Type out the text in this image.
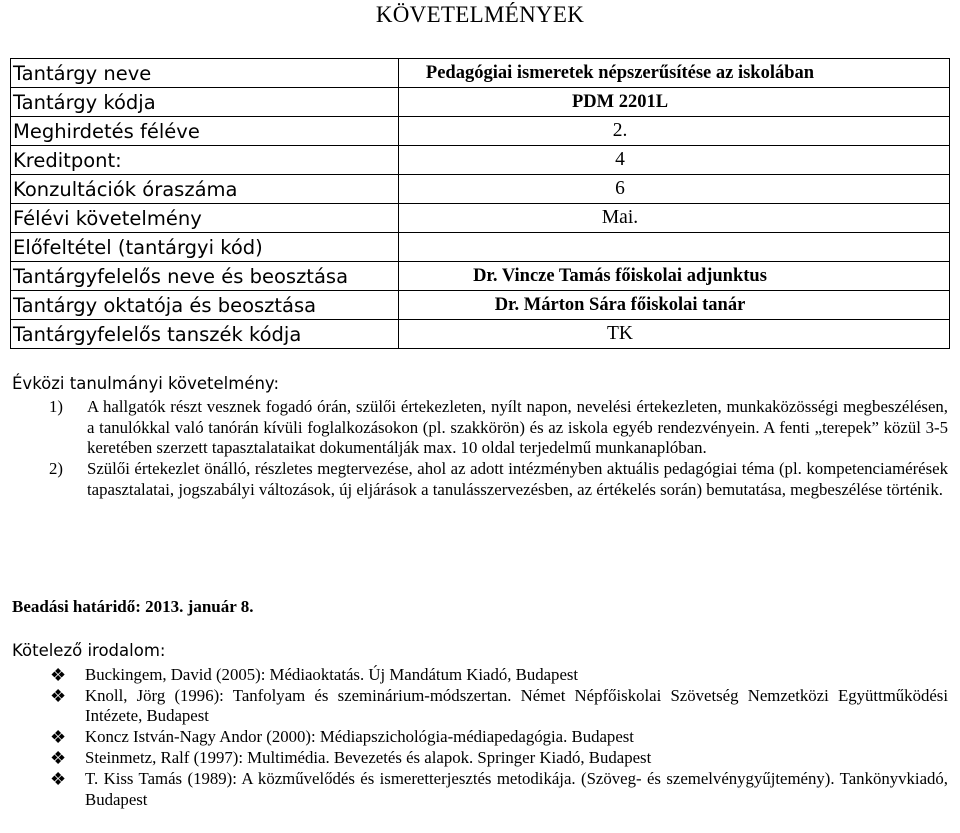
KÖVETELMÉNYEK
Tantárgy neve	Pedagógiai ismeretek népszerűsítése az iskolában
Tantárgy kódja	PDM 2201L
Meghirdetés féléve	2.
Kreditpont:	4
Konzultációk óraszáma	6
Félévi követelmény	Mai.
Előfeltétel (tantárgyi kód)	
Tantárgyfelelős neve és beosztása	Dr. Vincze Tamás főiskolai adjunktus
Tantárgy oktatója és beosztása	Dr. Márton Sára főiskolai tanár
Tantárgyfelelős tanszék kódja	TK
Évközi tanulmányi követelmény:
1) A hallgatók részt vesznek fogadó órán, szülői értekezleten, nyílt napon, nevelési értekezleten, munkaközösségi megbeszélésen, a tanulókkal való tanórán kívüli foglalkozásokon (pl. szakkörön) és az iskola egyéb rendezvényein. A fenti „terepek” közül 3-5 keretében szerzett tapasztalataikat dokumentálják max. 10 oldal terjedelmű munkanaplóban.
2) Szülői értekezlet önálló, részletes megtervezése, ahol az adott intézményben aktuális pedagógiai téma (pl. kompetenciamérések tapasztalatai, jogszabályi változások, új eljárások a tanulásszervezésben, az értékelés során) bemutatása, megbeszélése történik.
Beadási határidő: 2013. január 8.
Kötelező irodalom:
❖ Buckingem, David (2005): Médiaoktatás. Új Mandátum Kiadó, Budapest
❖ Knoll, Jörg (1996): Tanfolyam és szeminárium-módszertan. Német Népfőiskolai Szövetség Nemzetközi Együttműködési Intézete, Budapest
❖ Koncz István-Nagy Andor (2000): Médiapszichológia-médiapedagógia. Budapest
❖ Steinmetz, Ralf (1997): Multimédia. Bevezetés és alapok. Springer Kiadó, Budapest
❖ T. Kiss Tamás (1989): A közművelődés és ismeretterjesztés metodikája. (Szöveg- és szemelvénygyűjtemény). Tankönyvkiadó, Budapest
